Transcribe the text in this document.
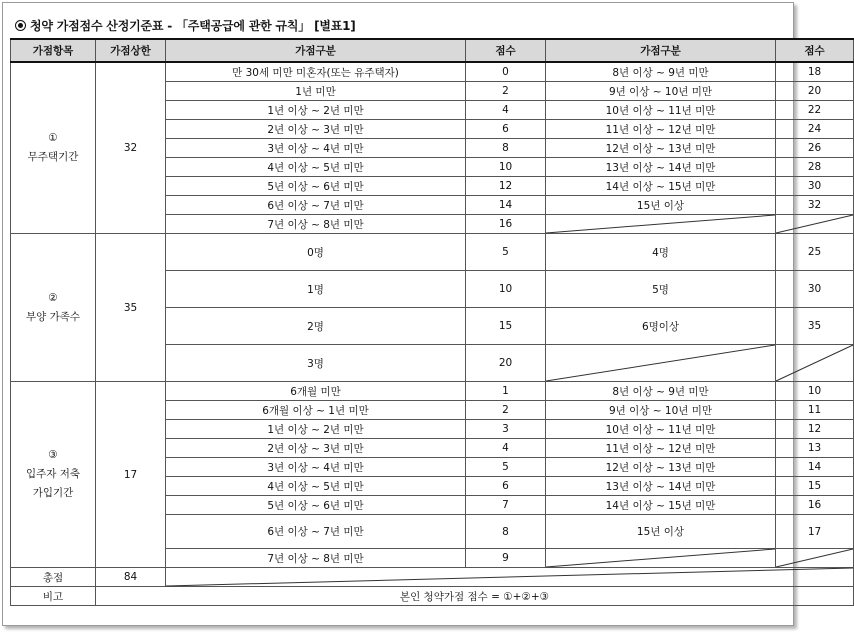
청약 가점점수 산정기준표 - 「주택공급에 관한 규칙」 [별표1]
가점항목	가점상한	가점구분	점수	가점구분	점수

①
무주택기간	32	만 30세 미만 미혼자(또는 유주택자)	0	8년 이상 ~ 9년 미만	18
		1년 미만	2	9년 이상 ~ 10년 미만	20
		1년 이상 ~ 2년 미만	4	10년 이상 ~ 11년 미만	22
		2년 이상 ~ 3년 미만	6	11년 이상 ~ 12년 미만	24
		3년 이상 ~ 4년 미만	8	12년 이상 ~ 13년 미만	26
		4년 이상 ~ 5년 미만	10	13년 이상 ~ 14년 미만	28
		5년 이상 ~ 6년 미만	12	14년 이상 ~ 15년 미만	30
		6년 이상 ~ 7년 미만	14	15년 이상	32
		7년 이상 ~ 8년 미만	16	

②
부양 가족수	35	0명	5	4명	25
		1명	10	5명	30
		2명	15	6명이상	35
		3명	20	

③
입주자 저축
가입기간	17	6개월 미만	1	8년 이상 ~ 9년 미만	10
		6개월 이상 ~ 1년 미만	2	9년 이상 ~ 10년 미만	11
		1년 이상 ~ 2년 미만	3	10년 이상 ~ 11년 미만	12
		2년 이상 ~ 3년 미만	4	11년 이상 ~ 12년 미만	13
		3년 이상 ~ 4년 미만	5	12년 이상 ~ 13년 미만	14
		4년 이상 ~ 5년 미만	6	13년 이상 ~ 14년 미만	15
		5년 이상 ~ 6년 미만	7	14년 이상 ~ 15년 미만	16
		6년 이상 ~ 7년 미만	8	15년 이상	17
		7년 이상 ~ 8년 미만	9	

총점	84	

비고	본인 청약가점 점수 = ①+②+③				
